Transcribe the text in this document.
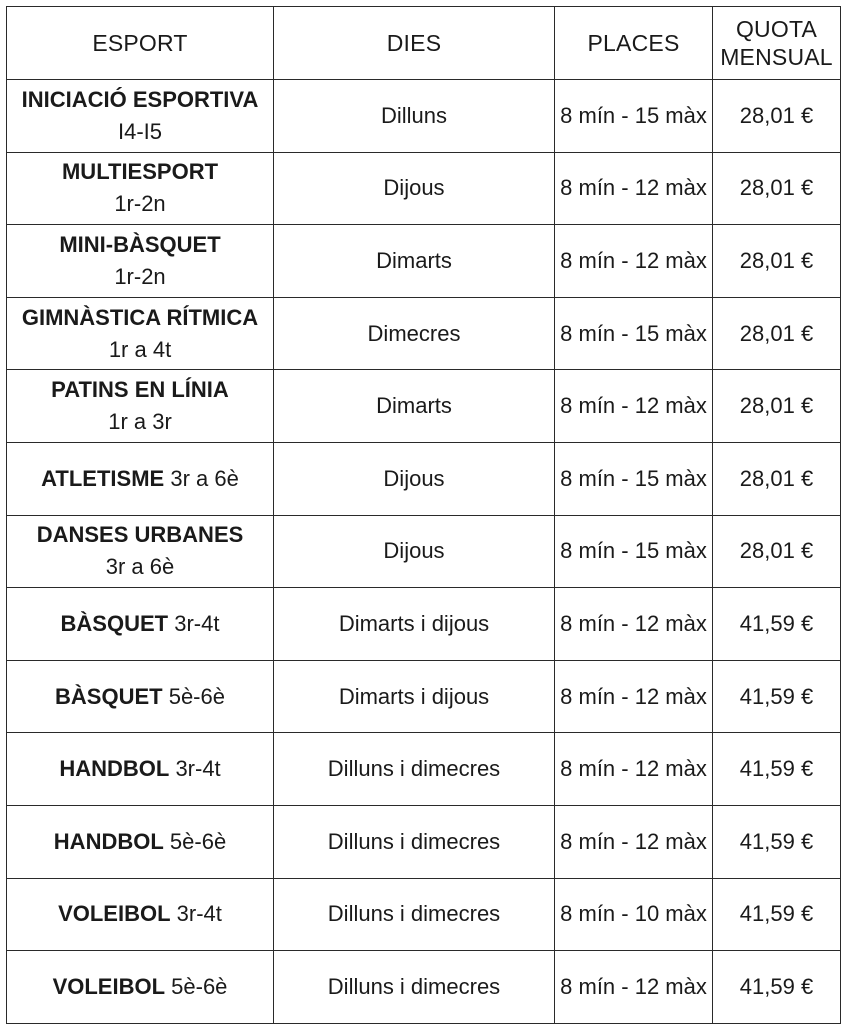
ESPORT	DIES	PLACES	QUOTA
MENSUAL

INICIACIÓ ESPORTIVA
I4-I5	Dilluns	8 mín - 15 màx	28,01 €

MULTIESPORT
1r-2n	Dijous	8 mín - 12 màx	28,01 €

MINI-BÀSQUET
1r-2n	Dimarts	8 mín - 12 màx	28,01 €

GIMNÀSTICA RÍTMICA
1r a 4t	Dimecres	8 mín - 15 màx	28,01 €

PATINS EN LÍNIA
1r a 3r	Dimarts	8 mín - 12 màx	28,01 €
ATLETISME 3r a 6è	Dijous	8 mín - 15 màx	28,01 €

DANSES URBANES
3r a 6è	Dijous	8 mín - 15 màx	28,01 €
BÀSQUET 3r-4t	Dimarts i dijous	8 mín - 12 màx	41,59 €
BÀSQUET 5è-6è	Dimarts i dijous	8 mín - 12 màx	41,59 €
HANDBOL 3r-4t	Dilluns i dimecres	8 mín - 12 màx	41,59 €
HANDBOL 5è-6è	Dilluns i dimecres	8 mín - 12 màx	41,59 €
VOLEIBOL 3r-4t	Dilluns i dimecres	8 mín - 10 màx	41,59 €
VOLEIBOL 5è-6è	Dilluns i dimecres	8 mín - 12 màx	41,59 €
